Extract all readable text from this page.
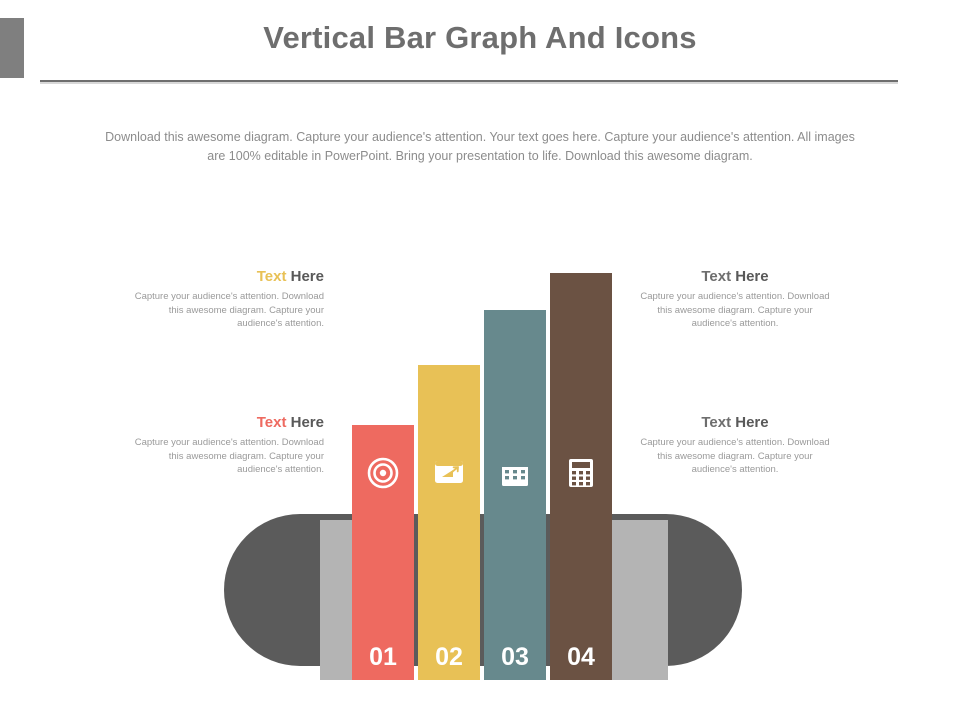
Vertical Bar Graph And Icons
Download this awesome diagram. Capture your audience's attention. Your text goes here. Capture your audience's attention. All images are 100% editable in PowerPoint. Bring your presentation to life. Download this awesome diagram.
Text Here
Capture your audience's attention. Download this awesome diagram. Capture your audience's attention.
Text Here
Capture your audience's attention. Download this awesome diagram. Capture your audience's attention.
Text Here
Capture your audience's attention. Download this awesome diagram. Capture your audience's attention.
Text Here
Capture your audience's attention. Download this awesome diagram. Capture your audience's attention.
01	02	03	04
